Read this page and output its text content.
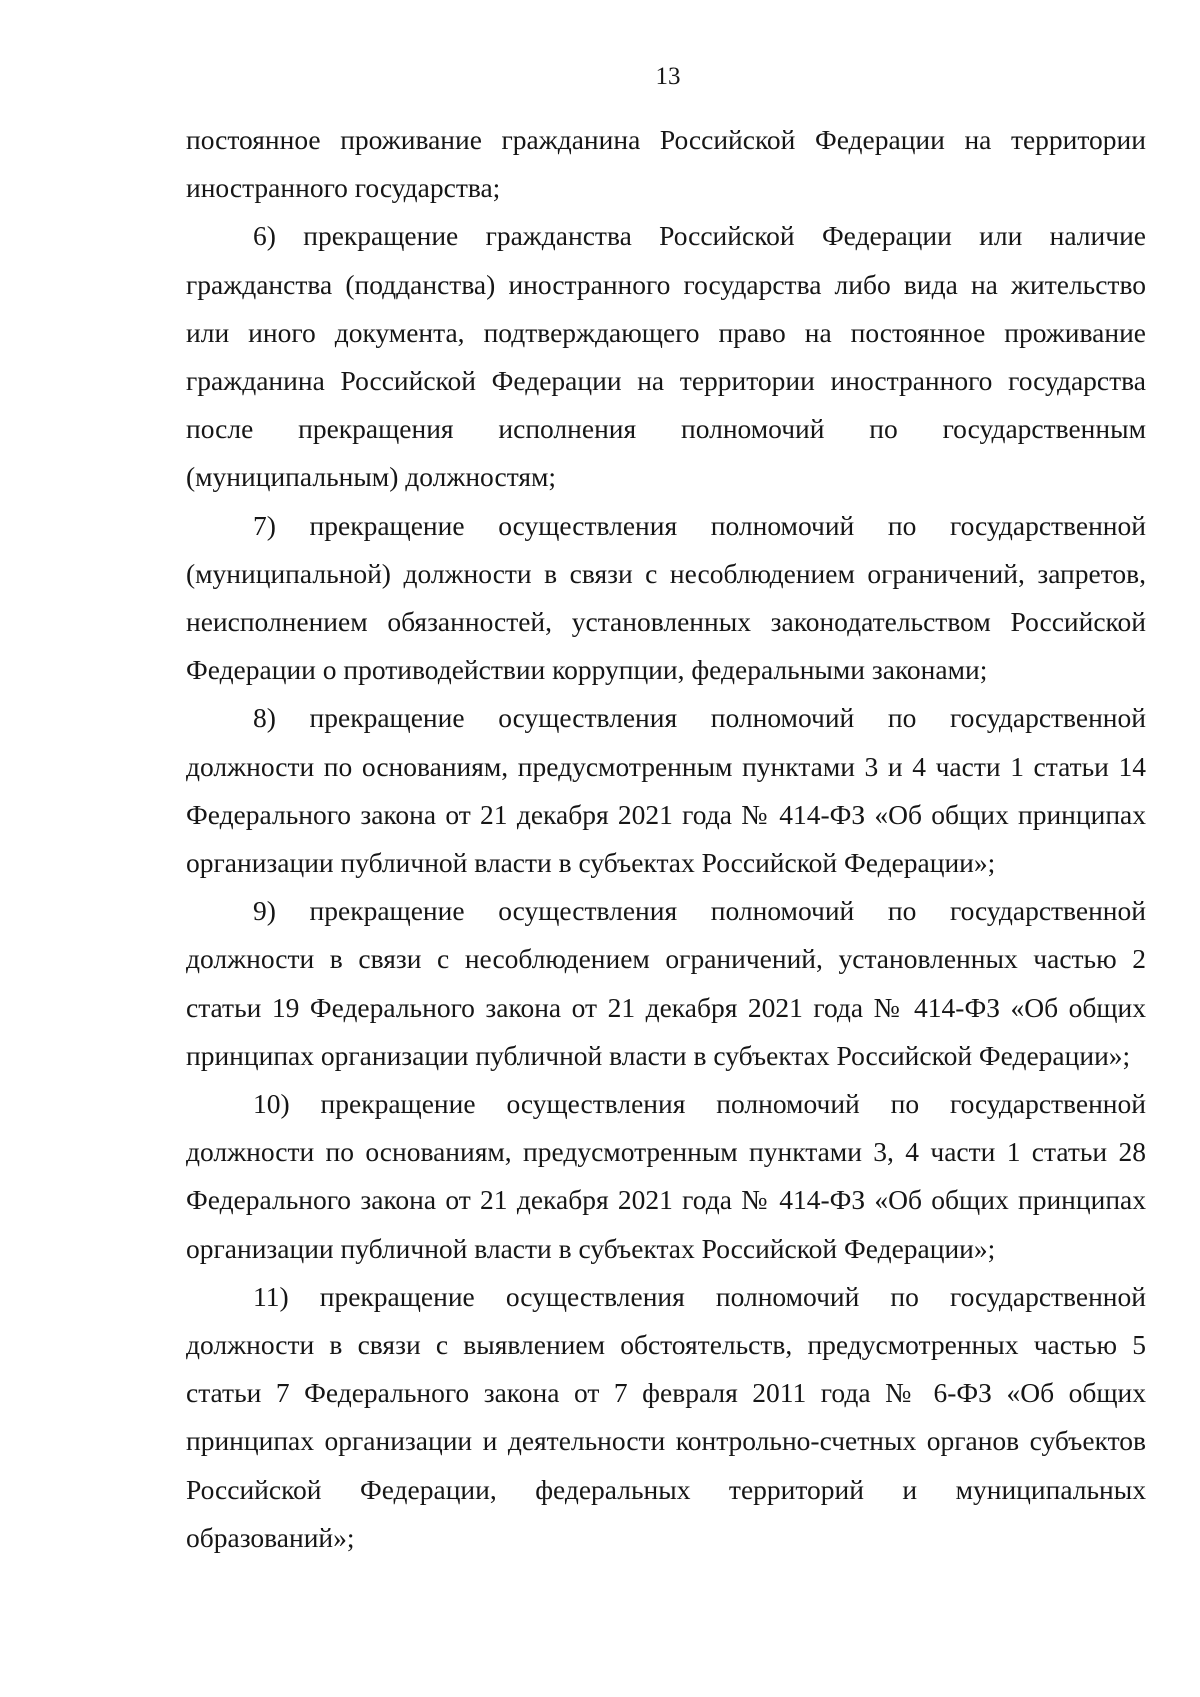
13

постоянное проживание гражданина Российской Федерации на территории иностранного государства;

6) прекращение гражданства Российской Федерации или наличие гражданства (подданства) иностранного государства либо вида на жительство или иного документа, подтверждающего право на постоянное проживание гражданина Российской Федерации на территории иностранного государства после прекращения исполнения полномочий по государственным (муниципальным) должностям;

7) прекращение осуществления полномочий по государственной (муниципальной) должности в связи с несоблюдением ограничений, запретов, неисполнением обязанностей, установленных законодательством Российской Федерации о противодействии коррупции, федеральными законами;

8) прекращение осуществления полномочий по государственной должности по основаниям, предусмотренным пунктами 3 и 4 части 1 статьи 14 Федерального закона от 21 декабря 2021 года № 414-ФЗ «Об общих принципах организации публичной власти в субъектах Российской Федерации»;

9) прекращение осуществления полномочий по государственной должности в связи с несоблюдением ограничений, установленных частью 2 статьи 19 Федерального закона от 21 декабря 2021 года № 414-ФЗ «Об общих принципах организации публичной власти в субъектах Российской Федерации»;

10) прекращение осуществления полномочий по государственной должности по основаниям, предусмотренным пунктами 3, 4 части 1 статьи 28 Федерального закона от 21 декабря 2021 года № 414-ФЗ «Об общих принципах организации публичной власти в субъектах Российской Федерации»;

11) прекращение осуществления полномочий по государственной должности в связи с выявлением обстоятельств, предусмотренных частью 5 статьи 7 Федерального закона от 7 февраля 2011 года № 6-ФЗ «Об общих принципах организации и деятельности контрольно-счетных органов субъектов Российской Федерации, федеральных территорий и муниципальных образований»;
